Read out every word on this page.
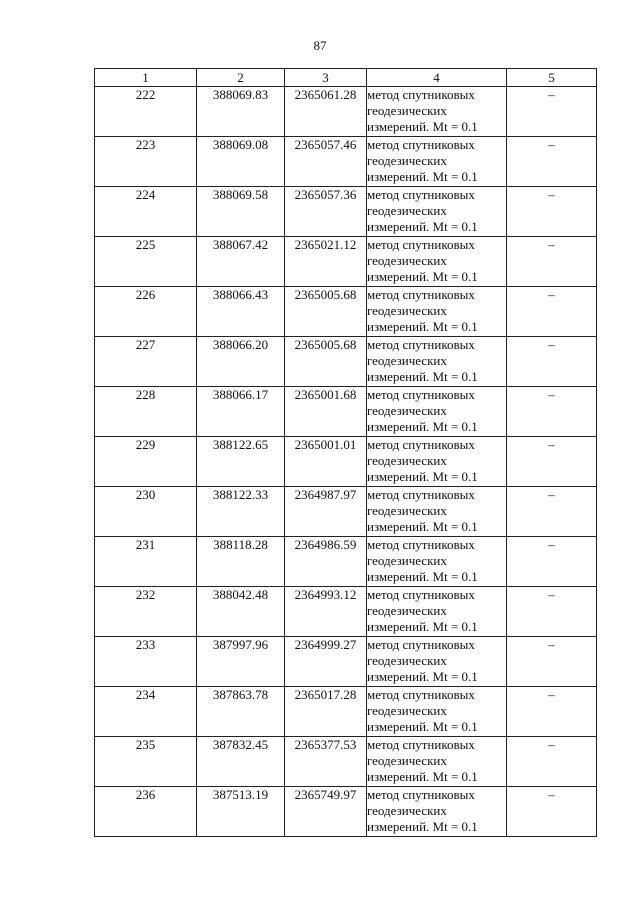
87
1	2	3	4	5
222	388069.83	2365061.28	метод спутниковых
геодезических
измерений. Mt = 0.1	–
223	388069.08	2365057.46	метод спутниковых
геодезических
измерений. Mt = 0.1	–
224	388069.58	2365057.36	метод спутниковых
геодезических
измерений. Mt = 0.1	–
225	388067.42	2365021.12	метод спутниковых
геодезических
измерений. Mt = 0.1	–
226	388066.43	2365005.68	метод спутниковых
геодезических
измерений. Mt = 0.1	–
227	388066.20	2365005.68	метод спутниковых
геодезических
измерений. Mt = 0.1	–
228	388066.17	2365001.68	метод спутниковых
геодезических
измерений. Mt = 0.1	–
229	388122.65	2365001.01	метод спутниковых
геодезических
измерений. Mt = 0.1	–
230	388122.33	2364987.97	метод спутниковых
геодезических
измерений. Mt = 0.1	–
231	388118.28	2364986.59	метод спутниковых
геодезических
измерений. Mt = 0.1	–
232	388042.48	2364993.12	метод спутниковых
геодезических
измерений. Mt = 0.1	–
233	387997.96	2364999.27	метод спутниковых
геодезических
измерений. Mt = 0.1	–
234	387863.78	2365017.28	метод спутниковых
геодезических
измерений. Mt = 0.1	–
235	387832.45	2365377.53	метод спутниковых
геодезических
измерений. Mt = 0.1	–
236	387513.19	2365749.97	метод спутниковых
геодезических
измерений. Mt = 0.1	–
